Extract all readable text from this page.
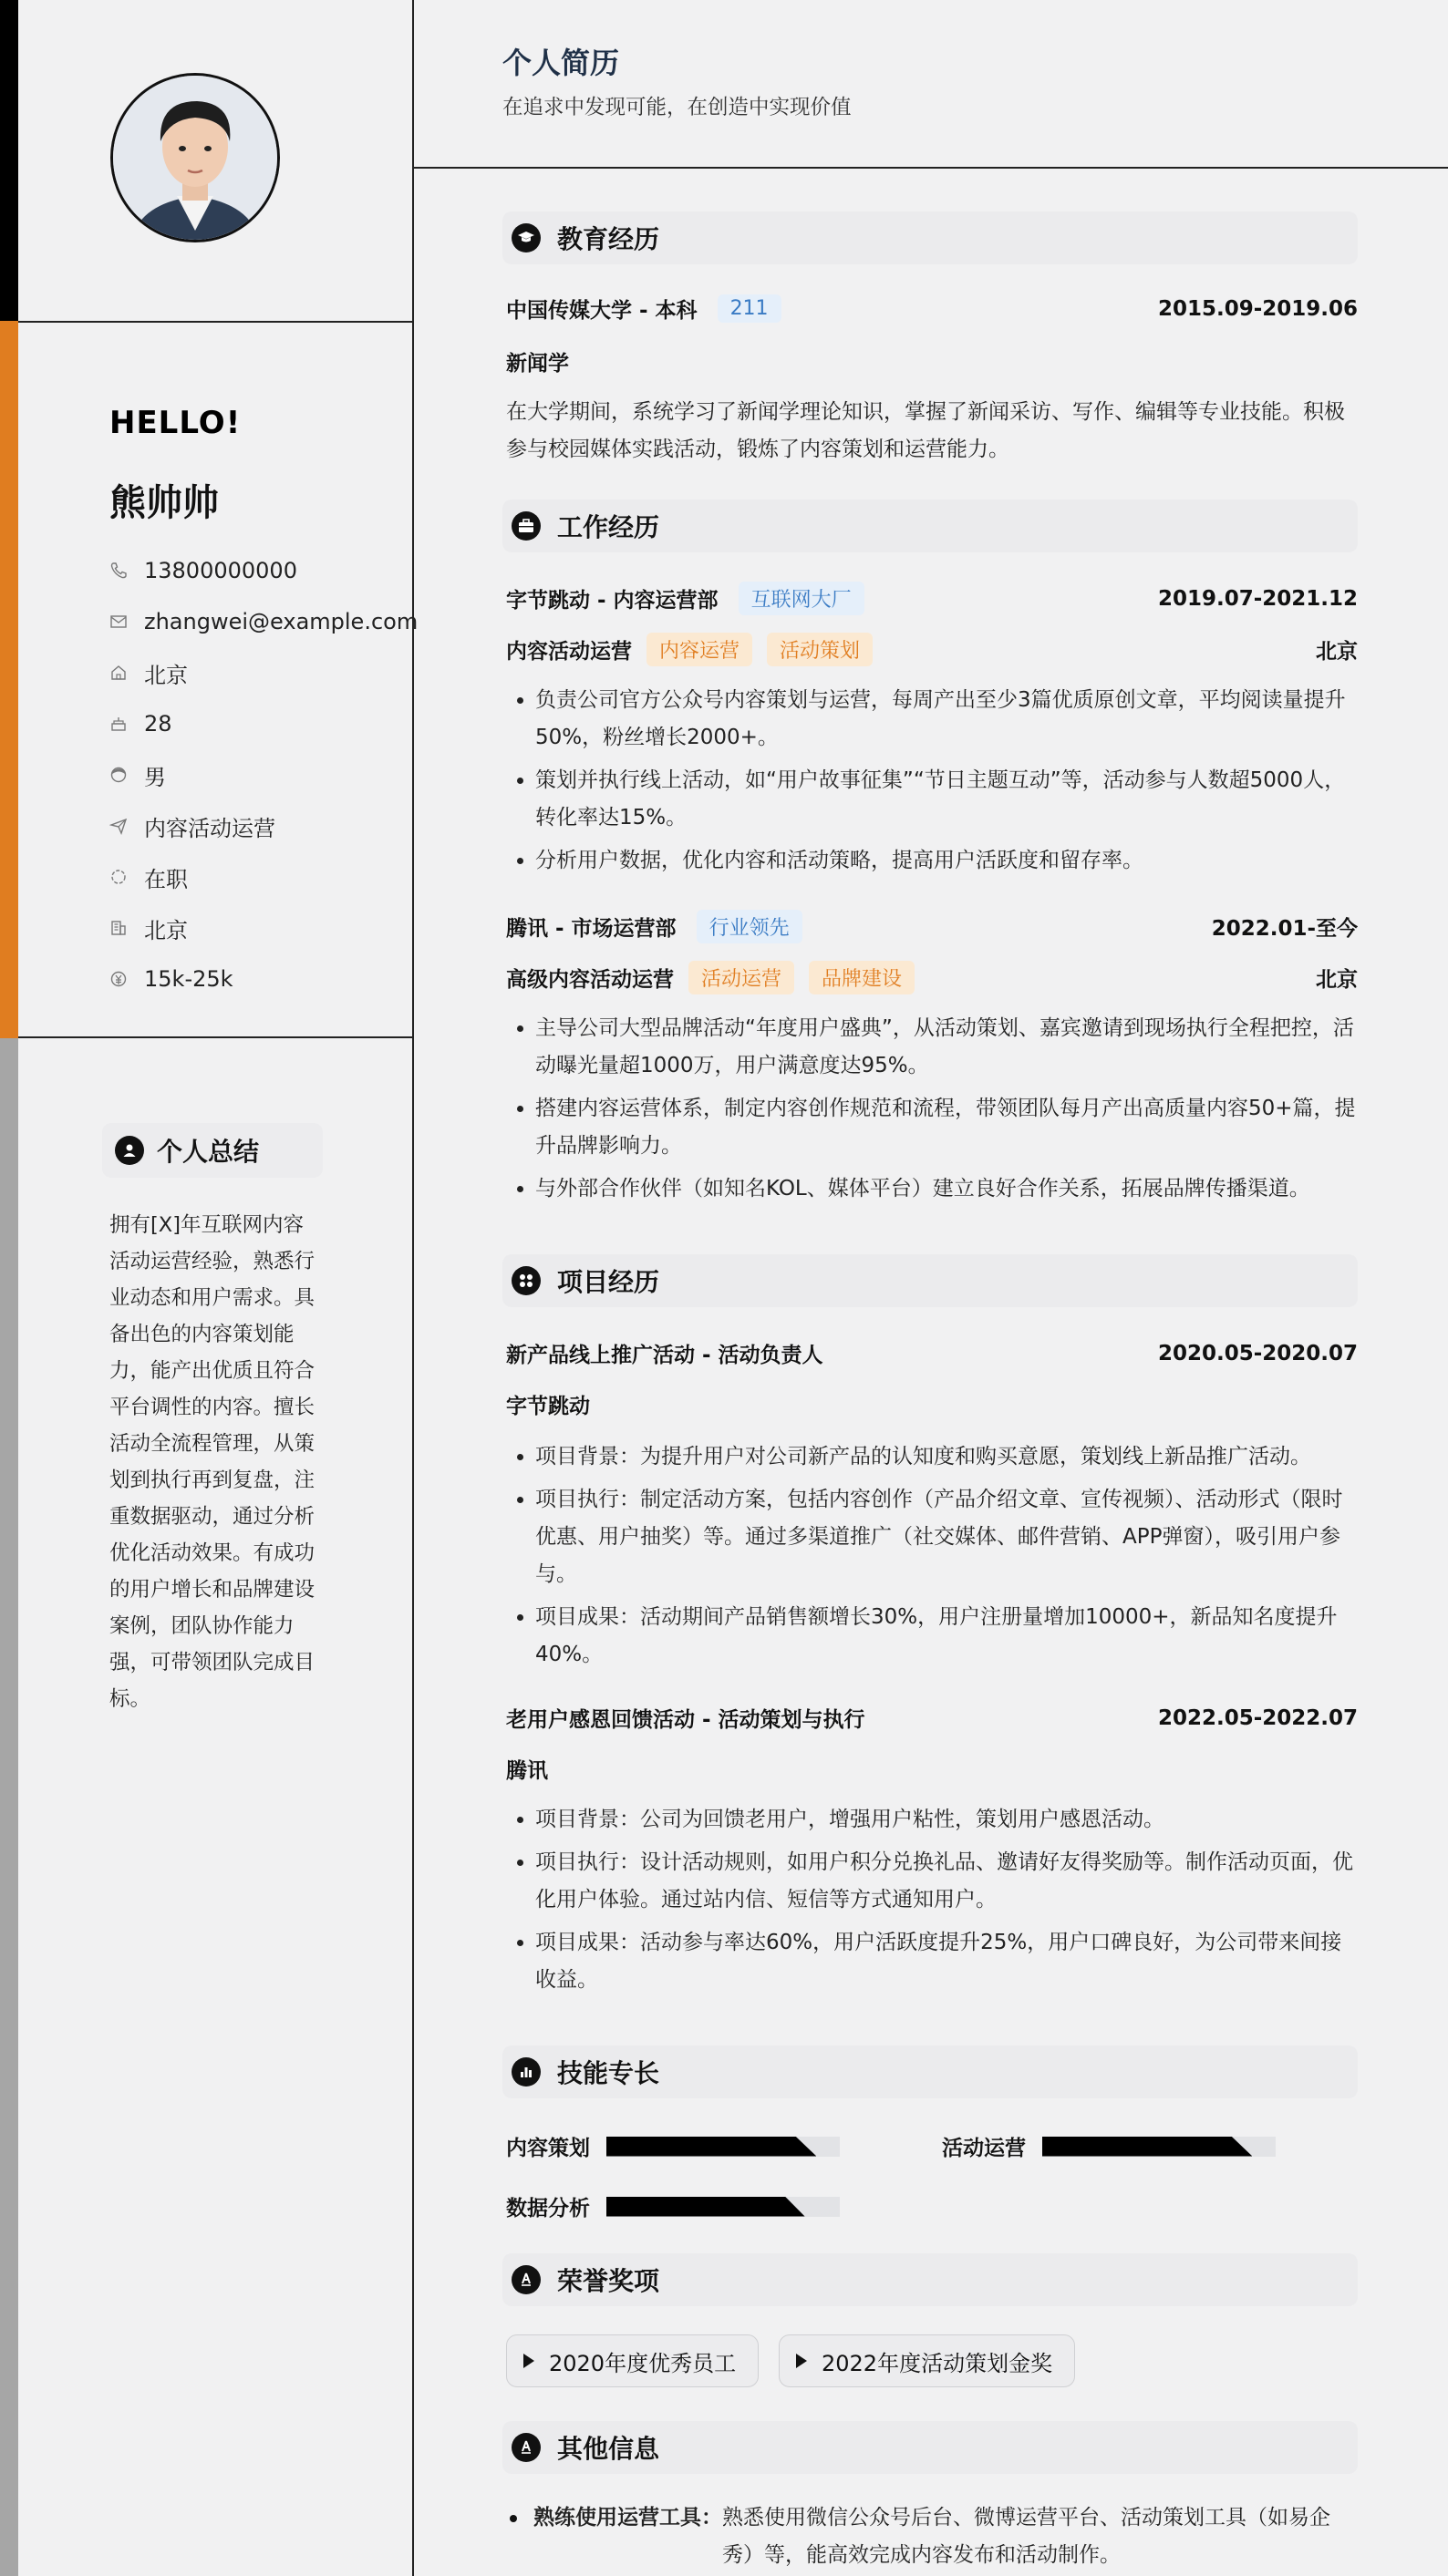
HELLO!
熊帅帅
13800000000
zhangwei@example.com
北京
28
男
内容活动运营
在职
北京
15k-25k
个人总结
拥有[X]年互联网内容活动运营经验，熟悉行业动态和用户需求。具备出色的内容策划能力，能产出优质且符合平台调性的内容。擅长活动全流程管理，从策划到执行再到复盘，注重数据驱动，通过分析优化活动效果。有成功的用户增长和品牌建设案例，团队协作能力强，可带领团队完成目标。
个人简历
在追求中发现可能，在创造中实现价值
教育经历
中国传媒大学 - 本科	211	2015.09-2019.06
新闻学
在大学期间，系统学习了新闻学理论知识，掌握了新闻采访、写作、编辑等专业技能。积极参与校园媒体实践活动，锻炼了内容策划和运营能力。
工作经历
字节跳动 - 内容运营部	互联网大厂	2019.07-2021.12
内容活动运营	内容运营	活动策划	北京
• 负责公司官方公众号内容策划与运营，每周产出至少3篇优质原创文章，平均阅读量提升50%，粉丝增长2000+。
• 策划并执行线上活动，如“用户故事征集”“节日主题互动”等，活动参与人数超5000人，转化率达15%。
• 分析用户数据，优化内容和活动策略，提高用户活跃度和留存率。
腾讯 - 市场运营部	行业领先	2022.01-至今
高级内容活动运营	活动运营	品牌建设	北京
• 主导公司大型品牌活动“年度用户盛典”，从活动策划、嘉宾邀请到现场执行全程把控，活动曝光量超1000万，用户满意度达95%。
• 搭建内容运营体系，制定内容创作规范和流程，带领团队每月产出高质量内容50+篇，提升品牌影响力。
• 与外部合作伙伴（如知名KOL、媒体平台）建立良好合作关系，拓展品牌传播渠道。
项目经历
新产品线上推广活动 - 活动负责人	2020.05-2020.07
字节跳动
• 项目背景：为提升用户对公司新产品的认知度和购买意愿，策划线上新品推广活动。
• 项目执行：制定活动方案，包括内容创作（产品介绍文章、宣传视频）、活动形式（限时优惠、用户抽奖）等。通过多渠道推广（社交媒体、邮件营销、APP弹窗），吸引用户参与。
• 项目成果：活动期间产品销售额增长30%，用户注册量增加10000+，新品知名度提升40%。
老用户感恩回馈活动 - 活动策划与执行	2022.05-2022.07
腾讯
• 项目背景：公司为回馈老用户，增强用户粘性，策划用户感恩活动。
• 项目执行：设计活动规则，如用户积分兑换礼品、邀请好友得奖励等。制作活动页面，优化用户体验。通过站内信、短信等方式通知用户。
• 项目成果：活动参与率达60%，用户活跃度提升25%，用户口碑良好，为公司带来间接收益。
技能专长
内容策划	活动运营
数据分析
荣誉奖项
2020年度优秀员工	2022年度活动策划金奖
其他信息
熟练使用运营工具： 熟悉使用微信公众号后台、微博运营平台、活动策划工具（如易企秀）等，能高效完成内容发布和活动制作。
